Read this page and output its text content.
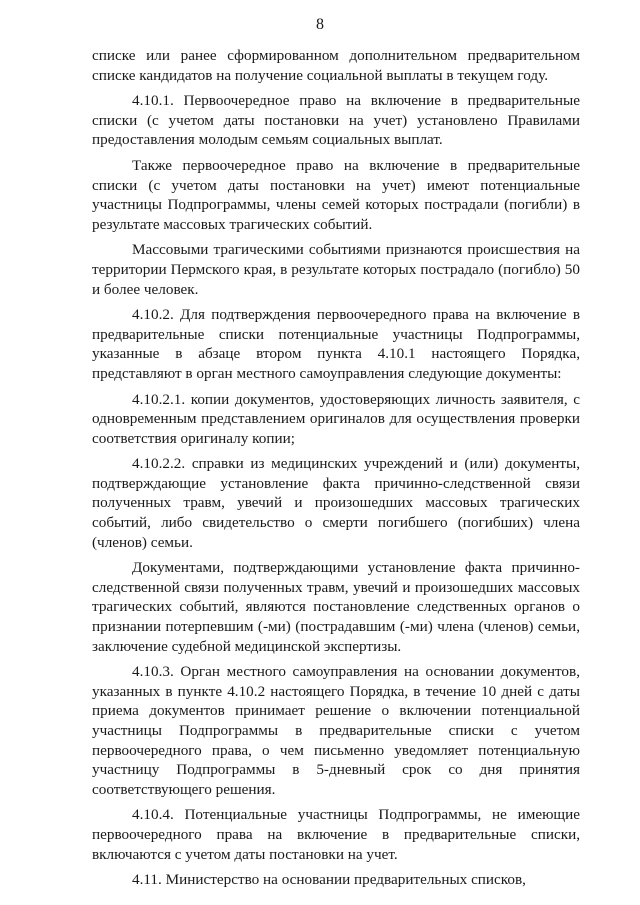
8

списке или ранее сформированном дополнительном предварительном списке кандидатов на получение социальной выплаты в текущем году.

4.10.1. Первоочередное право на включение в предварительные списки (с учетом даты постановки на учет) установлено Правилами предоставления молодым семьям социальных выплат.

Также первоочередное право на включение в предварительные списки (с учетом даты постановки на учет) имеют потенциальные участницы Подпрограммы, члены семей которых пострадали (погибли) в результате массовых трагических событий.

Массовыми трагическими событиями признаются происшествия на территории Пермского края, в результате которых пострадало (погибло) 50 и более человек.

4.10.2. Для подтверждения первоочередного права на включение в предварительные списки потенциальные участницы Подпрограммы, указанные в абзаце втором пункта 4.10.1 настоящего Порядка, представляют в орган местного самоуправления следующие документы:

4.10.2.1. копии документов, удостоверяющих личность заявителя, с одновременным представлением оригиналов для осуществления проверки соответствия оригиналу копии;

4.10.2.2. справки из медицинских учреждений и (или) документы, подтверждающие установление факта причинно-следственной связи полученных травм, увечий и произошедших массовых трагических событий, либо свидетельство о смерти погибшего (погибших) члена (членов) семьи.

Документами, подтверждающими установление факта причинно-следственной связи полученных травм, увечий и произошедших массовых трагических событий, являются постановление следственных органов о признании потерпевшим (-ми) (пострадавшим (-ми) члена (членов) семьи, заключение судебной медицинской экспертизы.

4.10.3. Орган местного самоуправления на основании документов, указанных в пункте 4.10.2 настоящего Порядка, в течение 10 дней с даты приема документов принимает решение о включении потенциальной участницы Подпрограммы в предварительные списки с учетом первоочередного права, о чем письменно уведомляет потенциальную участницу Подпрограммы в 5-дневный срок со дня принятия соответствующего решения.

4.10.4. Потенциальные участницы Подпрограммы, не имеющие первоочередного права на включение в предварительные списки, включаются с учетом даты постановки на учет.

4.11. Министерство на основании предварительных списков,
